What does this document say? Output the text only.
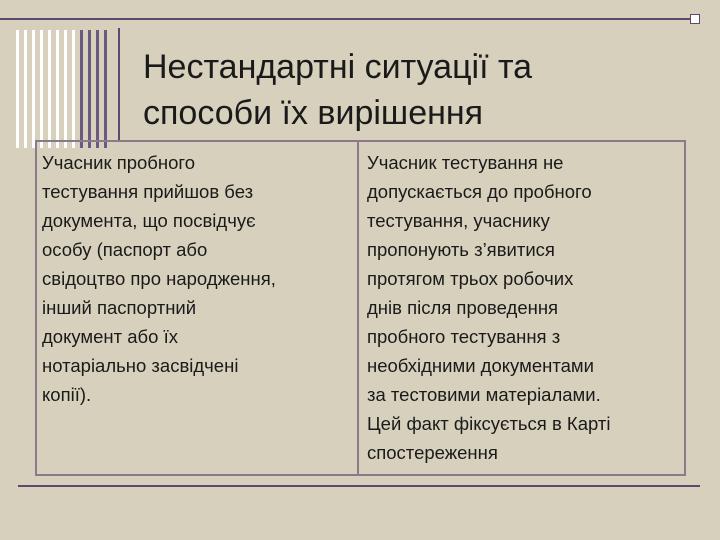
Нестандартні ситуації та
способи їх вирішення
Учасник пробного
тестування прийшов без
документа, що посвідчує
особу (паспорт або
свідоцтво про народження,
інший паспортний
документ або їх
нотаріально засвідчені
копії).
Учасник тестування не
допускається до пробного
тестування, учаснику
пропонують з’явитися
протягом трьох робочих
днів після проведення
пробного тестування з
необхідними документами
за тестовими матеріалами.
Цей факт фіксується в Карті
спостереження
